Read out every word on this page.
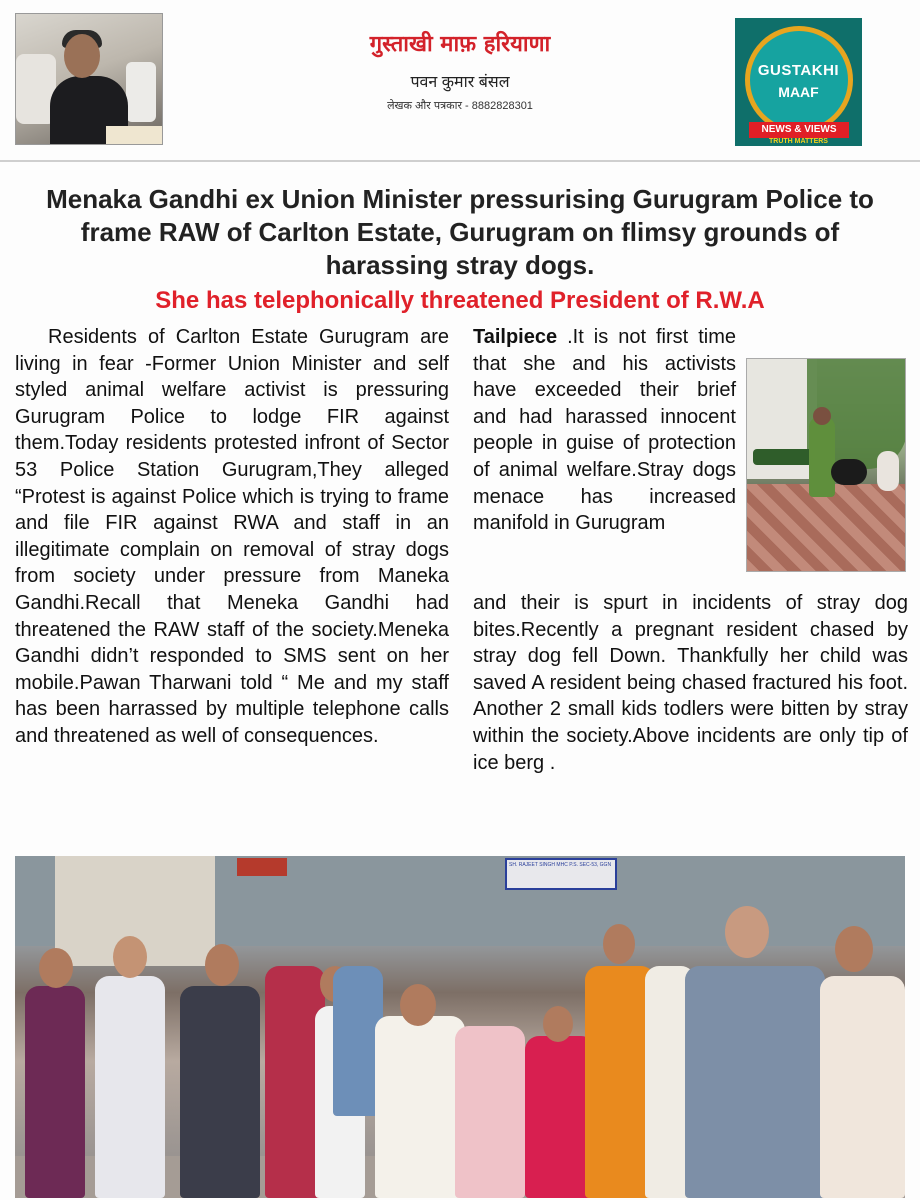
गुस्ताखी माफ़ हरियाणा
पवन कुमार बंसल
लेखक और पत्रकार - 8882828301
GUSTAKHI
MAAF
NEWS & VIEWS
TRUTH MATTERS
Menaka Gandhi ex Union Minister pressurising Gurugram Police to frame RAW of Carlton Estate, Gurugram on flimsy grounds of harassing stray dogs.
She has telephonically threatened President of R.W.A
Residents of Carlton Estate Gurugram are living in fear -Former Union Minister and self styled animal welfare activist is pressuring Gurugram Police to lodge FIR against them.Today residents protested infront of Sector 53 Police Station Gurugram,They alleged “Protest is against Police which is trying to frame and file FIR against RWA and staff in an illegitimate complain on removal of stray dogs from society under pressure from Maneka Gandhi.Recall that Meneka Gandhi had threatened the RAW staff of the society.Meneka Gandhi didn’t responded to SMS sent on her mobile.Pawan Tharwani told “ Me and my staff has been harrassed by multiple telephone calls and threatened as well of consequences.
Tailpiece .It is not first time that she and his activists have exceeded their brief and had harassed innocent people in guise of protection of animal welfare.Stray dogs menace has increased manifold in Gurugram
and their is spurt in incidents of stray dog bites.Recently a pregnant resident chased by stray dog fell Down. Thankfully her child was saved A resident being chased fractured his foot. Another 2 small kids todlers were bitten by stray within the society.Above incidents are only tip of ice berg .
SH. RAJEET SINGH MHC P.S. SEC-53, GGN
